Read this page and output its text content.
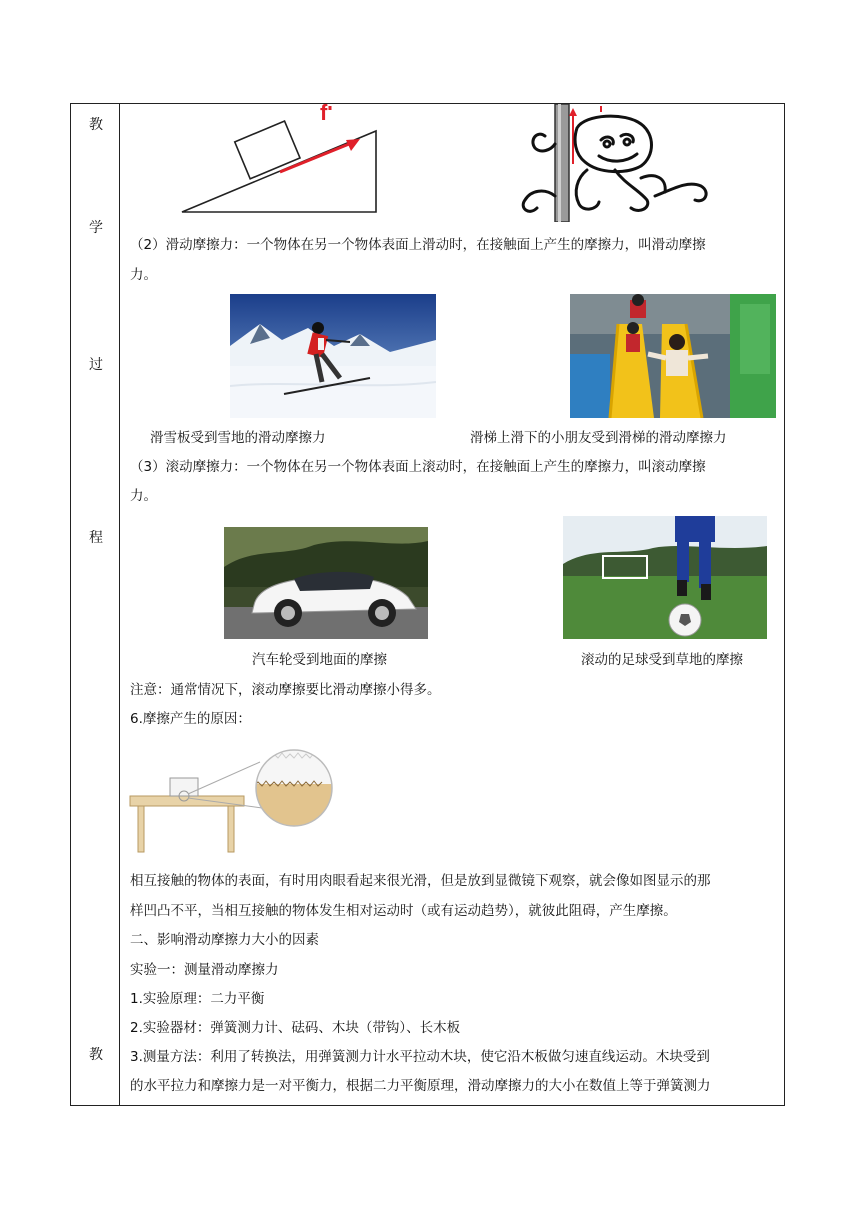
教
学
过
程
教
f
（2）滑动摩擦力：一个物体在另一个物体表面上滑动时，在接触面上产生的摩擦力，叫滑动摩擦
力。
滑雪板受到雪地的滑动摩擦力	滑梯上滑下的小朋友受到滑梯的滑动摩擦力
（3）滚动摩擦力：一个物体在另一个物体表面上滚动时，在接触面上产生的摩擦力，叫滚动摩擦
力。
汽车轮受到地面的摩擦	滚动的足球受到草地的摩擦
注意：通常情况下，滚动摩擦要比滑动摩擦小得多。
6.摩擦产生的原因：
相互接触的物体的表面，有时用肉眼看起来很光滑，但是放到显微镜下观察，就会像如图显示的那
样凹凸不平，当相互接触的物体发生相对运动时（或有运动趋势），就彼此阻碍，产生摩擦。
二、影响滑动摩擦力大小的因素
实验一：测量滑动摩擦力
1.实验原理：二力平衡
2.实验器材：弹簧测力计、砝码、木块（带钩）、长木板
3.测量方法：利用了转换法，用弹簧测力计水平拉动木块，使它沿木板做匀速直线运动。木块受到
的水平拉力和摩擦力是一对平衡力，根据二力平衡原理，滑动摩擦力的大小在数值上等于弹簧测力
